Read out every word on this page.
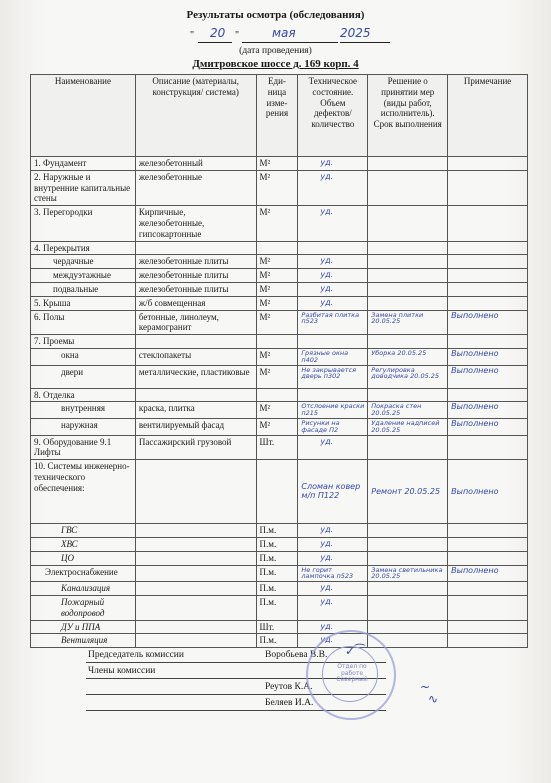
Результаты осмотра (обследования)
" 20 "	мая	2025
(дата проведения)
Дмитровское шоссе д. 169 корп. 4
Наименование	Описание (материалы, конструкция/ система)	Еди-ница изме-рения	Техническое состояние. Объем дефектов/ количество	Решение о принятии мер (виды работ, исполнитель). Срок выполнения	Примечание
1. Фундамент	железобетонный	М²	уд.		
2. Наружные и внутренние капитальные стены	железобетонные	М²	уд.		
3. Перегородки	Кирпичные, железобетонные, гипсокартонные	М²	уд.		
4. Перекрытия					
чердачные	железобетонные плиты	М²	уд.		
междуэтажные	железобетонные плиты	М²	уд.		
подвальные	железобетонные плиты	М²	уд.		
5. Крыша	ж/б совмещенная	М²	уд.		
6. Полы	бетонные, линолеум, керамогранит	М²	Разбитая плитка п523	Замена плитки 20.05.25	Выполнено
7. Проемы					
окна	стеклопакеты	М²	Грязные окна п402	Уборка 20.05.25	Выполнено
двери	металлические, пластиковые	М²	Не закрывается дверь п302	Регулировка доводчика 20.05.25	Выполнено
8. Отделка					
внутренняя	краска, плитка	М²	Отслоение краски п215	Покраска стен 20.05.25	Выполнено
наружная	вентилируемый фасад	М²	Рисунки на фасаде П2	Удаление надписей 20.05.25	Выполнено
9. Оборудование 9.1 Лифты	Пассажирский грузовой	Шт.	уд.		
10. Системы инженерно-технического обеспечения:			Сломан ковер м/п П122	Ремонт 20.05.25	Выполнено
ГВС		П.м.	уд.		
ХВС		П.м.	уд.		
ЦО		П.м.	уд.		
Электроснабжение		П.м.	Не горит лампочка п523	Замена светильника 20.05.25	Выполнено
Канализация		П.м.	уд.		
Пожарный водопровод		П.м.	уд.		
ДУ и ППА		Шт.	уд.		
Вентиляция		П.м.	уд.		
Председатель комиссии	Воробьева В.В.
Члены комиссии
Реутов К.А.
Беляев И.А.
✓⁀
~
∿
Отдел по работе Северный
